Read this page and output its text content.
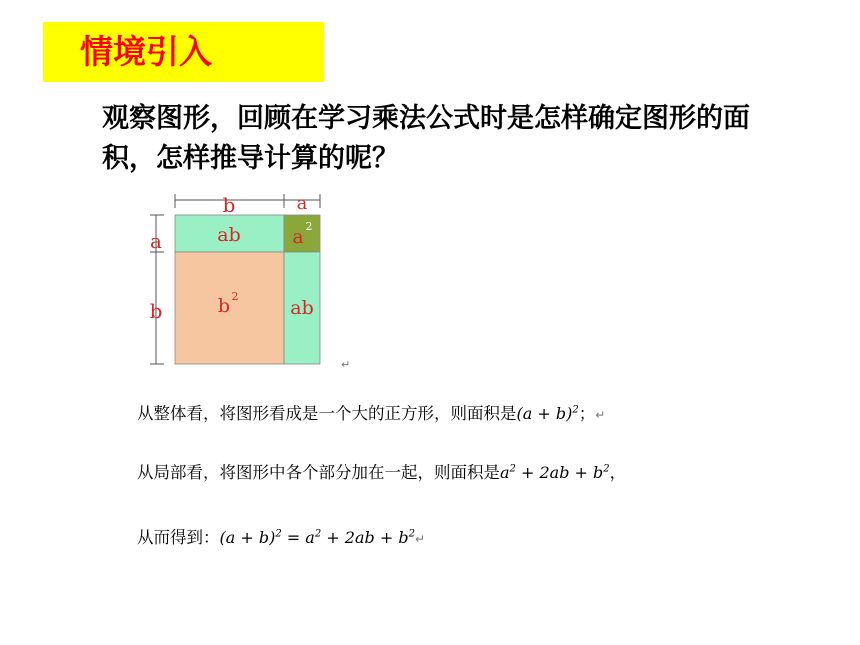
情境引入
观察图形，回顾在学习乘法公式时是怎样确定图形的面积，怎样推导计算的呢？
b	a
a
b
ab	a 2
b 2
ab
↵
从整体看，将图形看成是一个大的正方形，则面积是$(a + b)^2$；↵
从局部看，将图形中各个部分加在一起，则面积是$a^2 + 2ab + b^2$，
从而得到：$(a + b)^2 = a^2 + 2ab$ + $b^2↵$
